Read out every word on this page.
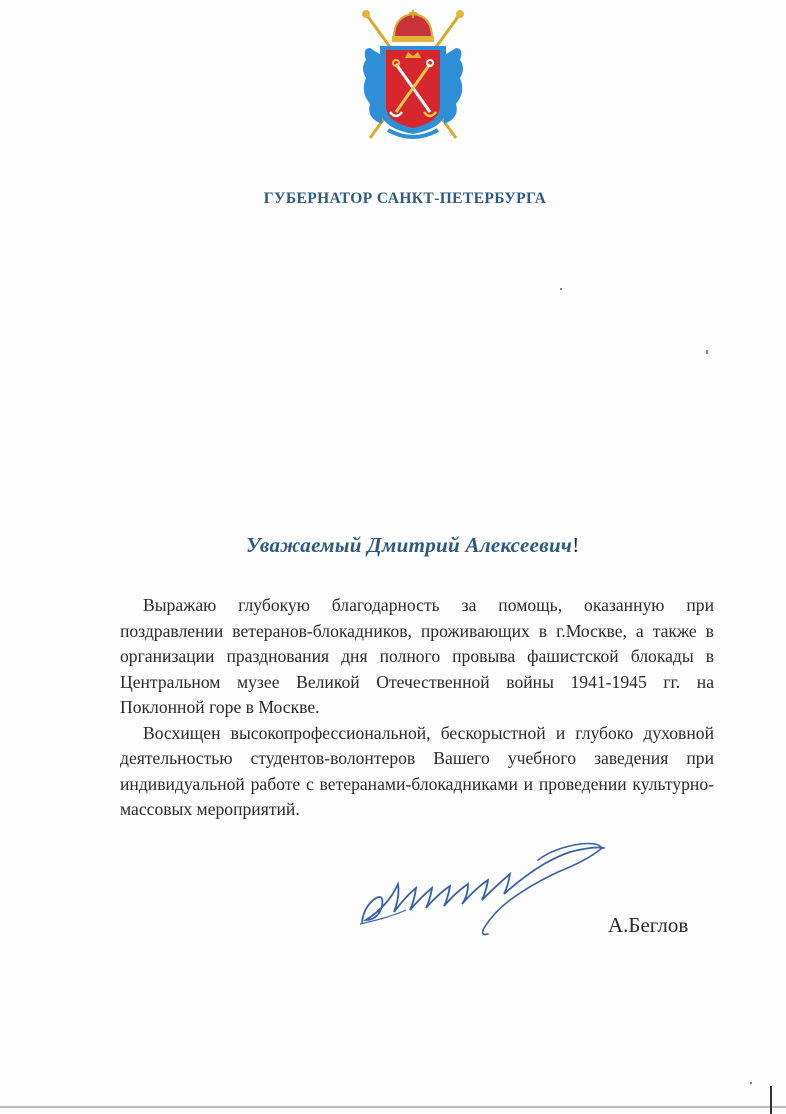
ГУБЕРНАТОР САНКТ-ПЕТЕРБУРГА
Уважаемый Дмитрий Алексеевич!

Выражаю глубокую благодарность за помощь, оказанную при поздравлении ветеранов-блокадников, проживающих в г.Москве, а также в организации празднования дня полного провыва фашистской блокады в Центральном музее Великой Отечественной войны 1941-1945 гг. на Поклонной горе в Москве.

Восхищен высокопрофессиональной, бескорыстной и глубоко духовной деятельностью студентов-волонтеров Вашего учебного заведения при индивидуальной работе с ветеранами-блокадниками и проведении культурно-массовых мероприятий.

А.Беглов
